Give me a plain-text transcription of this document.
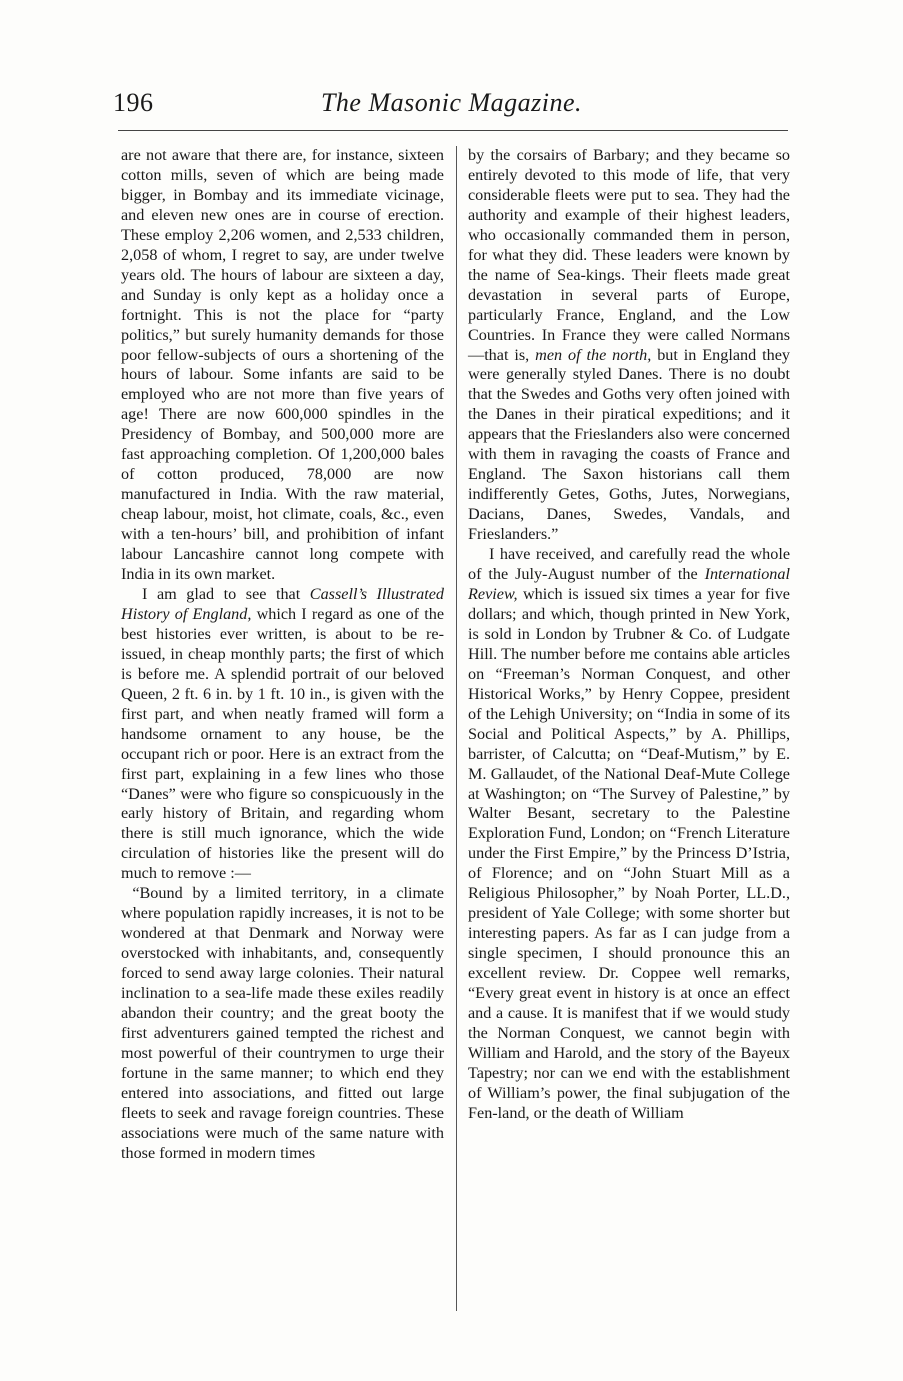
196	The Masonic Magazine.

are not aware that there are, for instance, sixteen cotton mills, seven of which are being made bigger, in Bombay and its immediate vicinage, and eleven new ones are in course of erection. These employ 2,206 women, and 2,533 children, 2,058 of whom, I regret to say, are under twelve years old. The hours of labour are sixteen a day, and Sunday is only kept as a holiday once a fortnight. This is not the place for “party politics,” but surely humanity demands for those poor fellow-subjects of ours a shortening of the hours of labour. Some infants are said to be employed who are not more than five years of age! There are now 600,000 spindles in the Presidency of Bombay, and 500,000 more are fast approaching completion. Of 1,200,000 bales of cotton produced, 78,000 are now manufactured in India. With the raw material, cheap labour, moist, hot climate, coals, &c., even with a ten-hours’ bill, and prohibition of infant labour Lancashire cannot long compete with India in its own market.

I am glad to see that Cassell’s Illustrated History of England, which I regard as one of the best histories ever written, is about to be re-issued, in cheap monthly parts; the first of which is before me. A splendid portrait of our beloved Queen, 2 ft. 6 in. by 1 ft. 10 in., is given with the first part, and when neatly framed will form a handsome ornament to any house, be the occupant rich or poor. Here is an extract from the first part, explaining in a few lines who those “Danes” were who figure so conspicuously in the early history of Britain, and regarding whom there is still much ignorance, which the wide circulation of histories like the present will do much to remove :—

“Bound by a limited territory, in a climate where population rapidly increases, it is not to be wondered at that Denmark and Norway were overstocked with inhabitants, and, consequently forced to send away large colonies. Their natural inclination to a sea-life made these exiles readily abandon their country; and the great booty the first adventurers gained tempted the richest and most powerful of their countrymen to urge their fortune in the same manner; to which end they entered into associations, and fitted out large fleets to seek and ravage foreign countries. These associations were much of the same nature with those formed in modern times

by the corsairs of Barbary; and they became so entirely devoted to this mode of life, that very considerable fleets were put to sea. They had the authority and example of their highest leaders, who occasionally commanded them in person, for what they did. These leaders were known by the name of Sea-kings. Their fleets made great devastation in several parts of Europe, particularly France, England, and the Low Countries. In France they were called Normans—that is, men of the north, but in England they were generally styled Danes. There is no doubt that the Swedes and Goths very often joined with the Danes in their piratical expeditions; and it appears that the Frieslanders also were concerned with them in ravaging the coasts of France and England. The Saxon historians call them indifferently Getes, Goths, Jutes, Norwegians, Dacians, Danes, Swedes, Vandals, and Frieslanders.”

I have received, and carefully read the whole of the July-August number of the International Review, which is issued six times a year for five dollars; and which, though printed in New York, is sold in London by Trubner & Co. of Ludgate Hill. The number before me contains able articles on “Freeman’s Norman Conquest, and other Historical Works,” by Henry Coppee, president of the Lehigh University; on “India in some of its Social and Political Aspects,” by A. Phillips, barrister, of Calcutta; on “Deaf-Mutism,” by E. M. Gallaudet, of the National Deaf-Mute College at Washington; on “The Survey of Palestine,” by Walter Besant, secretary to the Palestine Exploration Fund, London; on “French Literature under the First Empire,” by the Princess D’Istria, of Florence; and on “John Stuart Mill as a Religious Philosopher,” by Noah Porter, LL.D., president of Yale College; with some shorter but interesting papers. As far as I can judge from a single specimen, I should pronounce this an excellent review. Dr. Coppee well remarks, “Every great event in history is at once an effect and a cause. It is manifest that if we would study the Norman Conquest, we cannot begin with William and Harold, and the story of the Bayeux Tapestry; nor can we end with the establishment of William’s power, the final subjugation of the Fen-land, or the death of William
